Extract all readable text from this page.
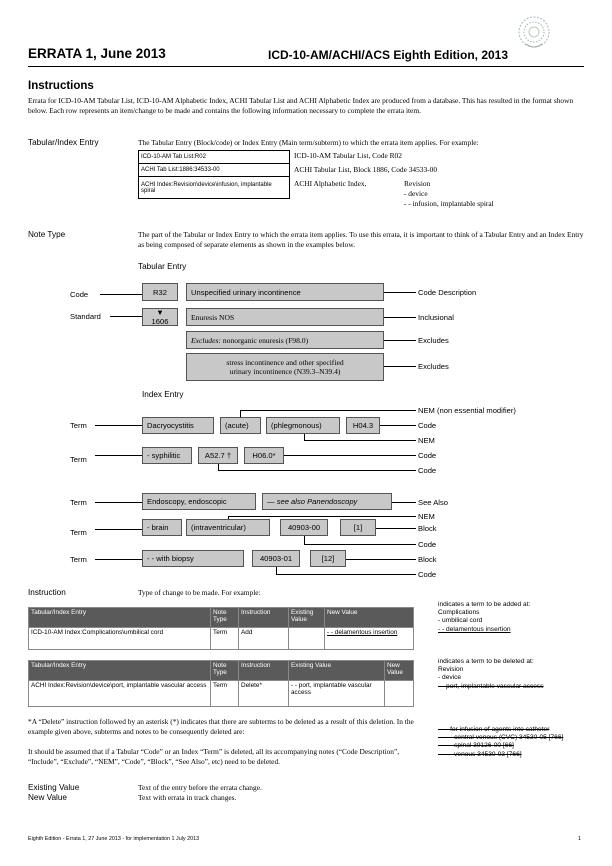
ERRATA 1, June 2013	ICD-10-AM/ACHI/ACS Eighth Edition, 2013
Instructions
Errata for ICD-10-AM Tabular List, ICD-10-AM Alphabetic Index, ACHI Tabular List and ACHI Alphabetic Index are produced from a database. This has resulted in the format shown below. Each row represents an item/change to be made and contains the following information necessary to complete the errata item.
Tabular/Index Entry	The Tabular Entry (Block/code) or Index Entry (Main term/subterm) to which the errata item applies. For example:
ICD-10-AM Tab List:R02
ACHI Tab List:1886:34533-00
ACHI Index:Revision\device\infusion, implantable spiral
ICD-10-AM Tabular List, Code R02
ACHI Tabular List, Block 1886, Code 34533-00
ACHI Alphabetic Index,	Revision
- device
- - infusion, implantable spiral
Note Type	The part of the Tabular or Index Entry to which the errata item applies. To use this errata, it is important to think of a Tabular Entry and an Index Entry as being composed of separate elements as shown in the examples below.
Tabular Entry
Code
Standard
R32	Unspecified urinary incontinence
▼ 1606	Enuresis NOS
Excludes:
nonorganic enuresis (F98.0)
stress incontinence and other specified
urinary incontinence (N39.3–N39.4)
Code Description
Inclusional
Excludes
Excludes
Index Entry
NEM (non essential modifier)
Term	Dacryocystitis	(acute)	(phlegmonous)	H04.3	Code
NEM
Term	- syphilitic	A52.7 †	H06.0*	Code
Code
Term	Endoscopy, endoscopic	— see also Panendoscopy	See Also
NEM
Term
- brain	(intraventricular)	40903-00	[1]	Block
Code
Term	- - with biopsy	40903-01	[12]	Block
Code
Instruction	Type of change to be made. For example:
Tabular/Index Entry	Note Type	Instruction	Existing Value	New Value
ICD-10-AM Index:Complications\umbilical cord	Term	Add		- - delamentous insertion
indicates a term to be added at:
Complications
- umbilical cord
- - delamentous insertion
Tabular/Index Entry	Note Type	Instruction	Existing Value	New Value
ACHI Index:Revision\device\port, implantable vascular access	Term	Delete*	- - port, implantable vascular access	
indicates a term to be deleted at:
Revision
- device
- - port, implantable vascular access
*A “Delete” instruction followed by an asterisk (*) indicates that there are subterms to be deleted as a result of this deletion. In the example given above, subterms and notes to be consequently deleted are:
It should be assumed that if a Tabular “Code” or an Index “Term” is deleted, all its accompanying notes (“Code Description”, “Include”, “Exclude”, “NEM”, “Code”, “Block”, “See Also”, etc) need to be deleted.
- - - for infusion of agents into catheter
- - - - central venous (CVC) 34530-05 [766]
- - - - spinal 39126-00 [66]
- - - - venous 34530-03 [766]
Existing Value	Text of the entry before the errata change.
New Value	Text with errata in track changes.
Eighth Edition - Errata 1, 27 June 2013 - for implementation 1 July 2013	1
